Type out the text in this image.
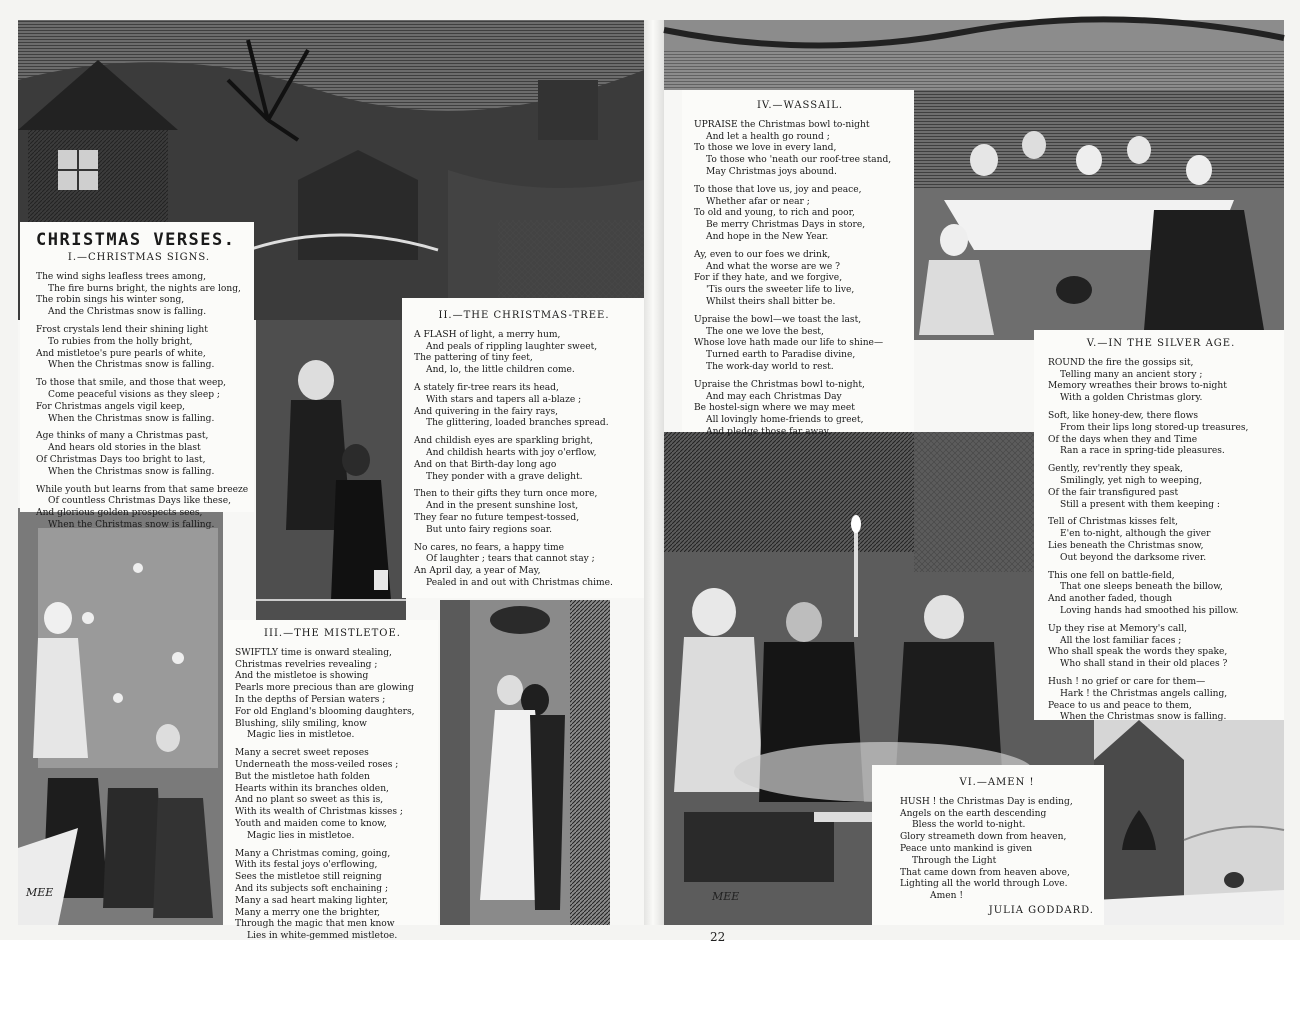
MEE
CHRISTMAS VERSES.
I.—CHRISTMAS SIGNS.
The wind sighs leafless trees among,
The fire burns bright, the nights are long,
The robin sings his winter song,
And the Christmas snow is falling.
Frost crystals lend their shining light
To rubies from the holly bright,
And mistletoe's pure pearls of white,
When the Christmas snow is falling.
To those that smile, and those that weep,
Come peaceful visions as they sleep ;
For Christmas angels vigil keep,
When the Christmas snow is falling.
Age thinks of many a Christmas past,
And hears old stories in the blast
Of Christmas Days too bright to last,
When the Christmas snow is falling.
While youth but learns from that same breeze
Of countless Christmas Days like these,
And glorious golden prospects sees,
When the Christmas snow is falling.
II.—THE CHRISTMAS-TREE.
A FLASH of light, a merry hum,
And peals of rippling laughter sweet,
The pattering of tiny feet,
And, lo, the little children come.
A stately fir-tree rears its head,
With stars and tapers all a-blaze ;
And quivering in the fairy rays,
The glittering, loaded branches spread.
And childish eyes are sparkling bright,
And childish hearts with joy o'erflow,
And on that Birth-day long ago
They ponder with a grave delight.
Then to their gifts they turn once more,
And in the present sunshine lost,
They fear no future tempest-tossed,
But unto fairy regions soar.
No cares, no fears, a happy time
Of laughter ; tears that cannot stay ;
An April day, a year of May,
Pealed in and out with Christmas chime.
III.—THE MISTLETOE.
SWIFTLY time is onward stealing,
Christmas revelries revealing ;
And the mistletoe is showing
Pearls more precious than are glowing
In the depths of Persian waters ;
For old England's blooming daughters,
Blushing, slily smiling, know
Magic lies in mistletoe.
Many a secret sweet reposes
Underneath the moss-veiled roses ;
But the mistletoe hath folden
Hearts within its branches olden,
And no plant so sweet as this is,
With its wealth of Christmas kisses ;
Youth and maiden come to know,
Magic lies in mistletoe.
Many a Christmas coming, going,
With its festal joys o'erflowing,
Sees the mistletoe still reigning
And its subjects soft enchaining ;
Many a sad heart making lighter,
Many a merry one the brighter,
Through the magic that men know
Lies in white-gemmed mistletoe.
MEE
IV.—WASSAIL.
UPRAISE the Christmas bowl to-night
And let a health go round ;
To those we love in every land,
To those who 'neath our roof-tree stand,
May Christmas joys abound.
To those that love us, joy and peace,
Whether afar or near ;
To old and young, to rich and poor,
Be merry Christmas Days in store,
And hope in the New Year.
Ay, even to our foes we drink,
And what the worse are we ?
For if they hate, and we forgive,
'Tis ours the sweeter life to live,
Whilst theirs shall bitter be.
Upraise the bowl—we toast the last,
The one we love the best,
Whose love hath made our life to shine—
Turned earth to Paradise divine,
The work-day world to rest.
Upraise the Christmas bowl to-night,
And may each Christmas Day
Be hostel-sign where we may meet
All lovingly home-friends to greet,
And pledge those far away.
V.—IN THE SILVER AGE.
ROUND the fire the gossips sit,
Telling many an ancient story ;
Memory wreathes their brows to-night
With a golden Christmas glory.
Soft, like honey-dew, there flows
From their lips long stored-up treasures,
Of the days when they and Time
Ran a race in spring-tide pleasures.
Gently, rev'rently they speak,
Smilingly, yet nigh to weeping,
Of the fair transfigured past
Still a present with them keeping :
Tell of Christmas kisses felt,
E'en to-night, although the giver
Lies beneath the Christmas snow,
Out beyond the darksome river.
This one fell on battle-field,
That one sleeps beneath the billow,
And another faded, though
Loving hands had smoothed his pillow.
Up they rise at Memory's call,
All the lost familiar faces ;
Who shall speak the words they spake,
Who shall stand in their old places ?
Hush ! no grief or care for them—
Hark ! the Christmas angels calling,
Peace to us and peace to them,
When the Christmas snow is falling.
VI.—AMEN !
HUSH ! the Christmas Day is ending,
Angels on the earth descending
Bless the world to-night.
Glory streameth down from heaven,
Peace unto mankind is given
Through the Light
That came down from heaven above,
Lighting all the world through Love.
Amen !
JULIA GODDARD.
22
